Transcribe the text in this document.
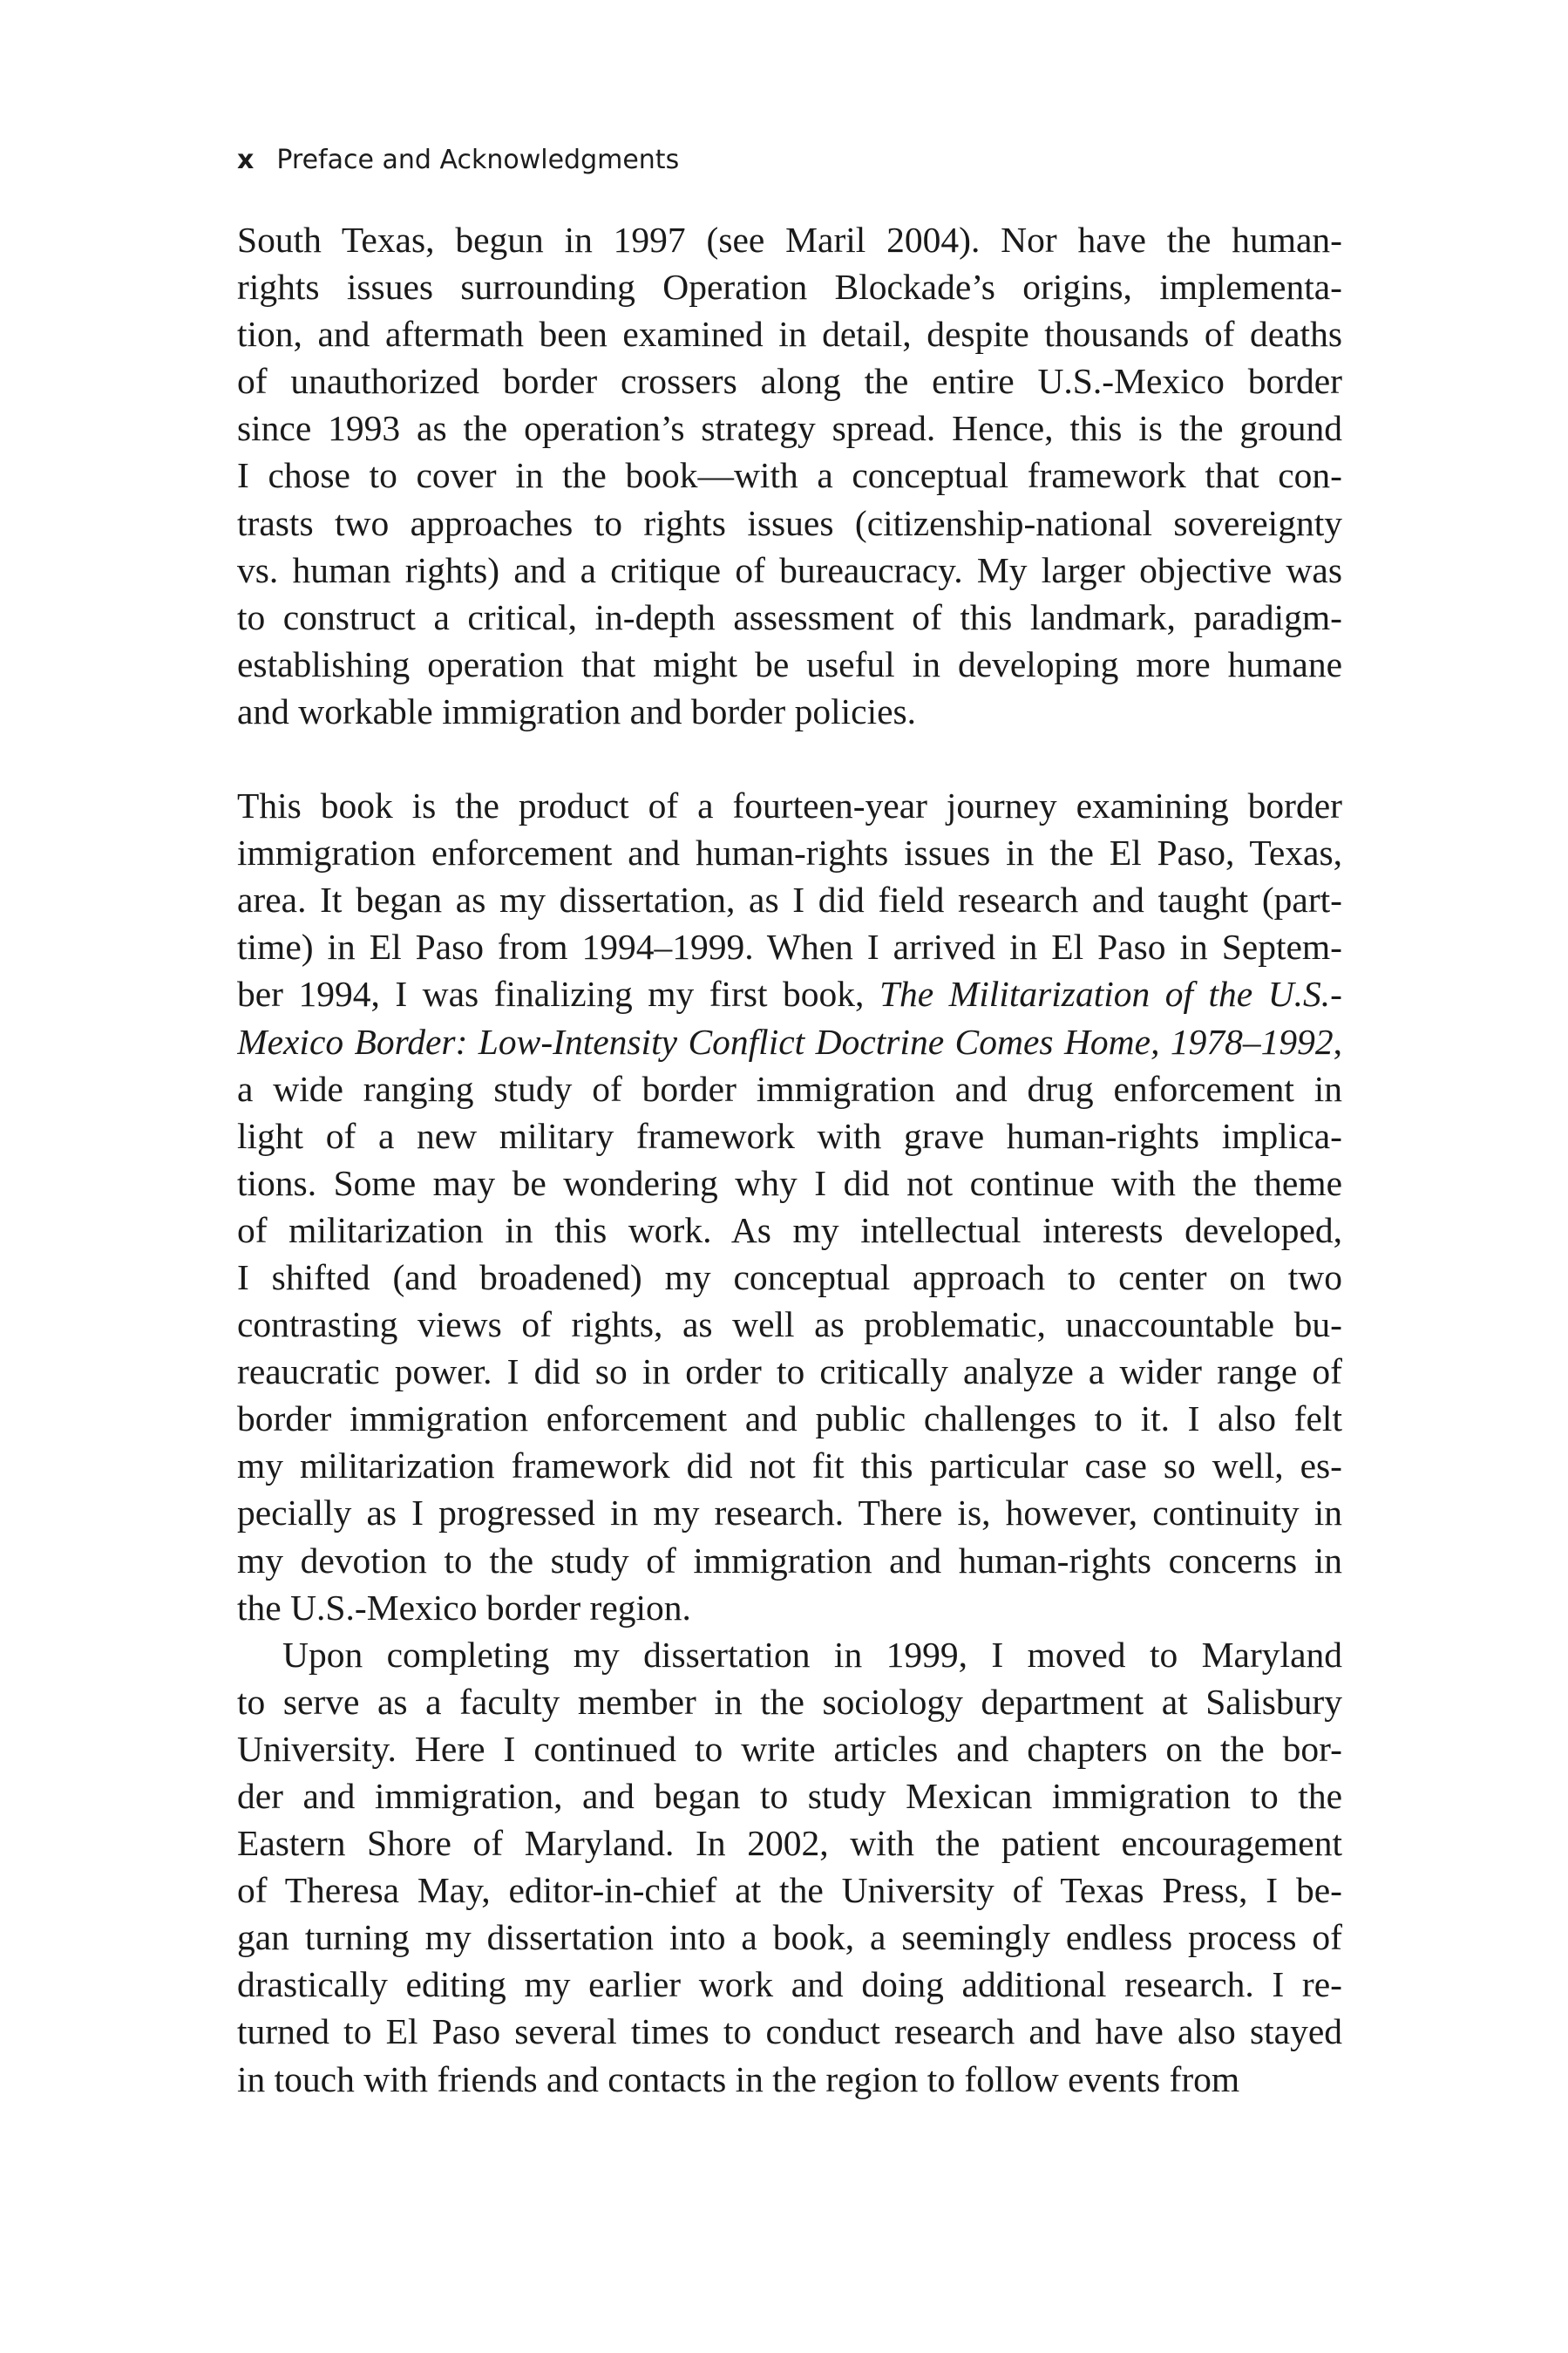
x Preface and Acknowledgments
South Texas, begun in 1997 (see Maril 2004). Nor have the human-
rights issues surrounding Operation Blockade’s origins, implementa-
tion, and aftermath been examined in detail, despite thousands of deaths
of unauthorized border crossers along the entire U.S.-Mexico border
since 1993 as the operation’s strategy spread. Hence, this is the ground
I chose to cover in the book—with a conceptual framework that con-
trasts two approaches to rights issues (citizenship-national sovereignty
vs. human rights) and a critique of bureaucracy. My larger objective was
to construct a critical, in-depth assessment of this landmark, paradigm-
establishing operation that might be useful in developing more humane
and workable immigration and border policies.
This book is the product of a fourteen-year journey examining border
immigration enforcement and human-rights issues in the El Paso, Texas,
area. It began as my dissertation, as I did field research and taught (part-
time) in El Paso from 1994–1999. When I arrived in El Paso in Septem-
ber 1994, I was finalizing my first book, The Militarization of the U.S.-
Mexico Border: Low-Intensity Conflict Doctrine Comes Home, 1978–1992,
a wide ranging study of border immigration and drug enforcement in
light of a new military framework with grave human-rights implica-
tions. Some may be wondering why I did not continue with the theme
of militarization in this work. As my intellectual interests developed,
I shifted (and broadened) my conceptual approach to center on two
contrasting views of rights, as well as problematic, unaccountable bu-
reaucratic power. I did so in order to critically analyze a wider range of
border immigration enforcement and public challenges to it. I also felt
my militarization framework did not fit this particular case so well, es-
pecially as I progressed in my research. There is, however, continuity in
my devotion to the study of immigration and human-rights concerns in
the U.S.-Mexico border region.
Upon completing my dissertation in 1999, I moved to Maryland
to serve as a faculty member in the sociology department at Salisbury
University. Here I continued to write articles and chapters on the bor-
der and immigration, and began to study Mexican immigration to the
Eastern Shore of Maryland. In 2002, with the patient encouragement
of Theresa May, editor-in-chief at the University of Texas Press, I be-
gan turning my dissertation into a book, a seemingly endless process of
drastically editing my earlier work and doing additional research. I re-
turned to El Paso several times to conduct research and have also stayed
in touch with friends and contacts in the region to follow events from
